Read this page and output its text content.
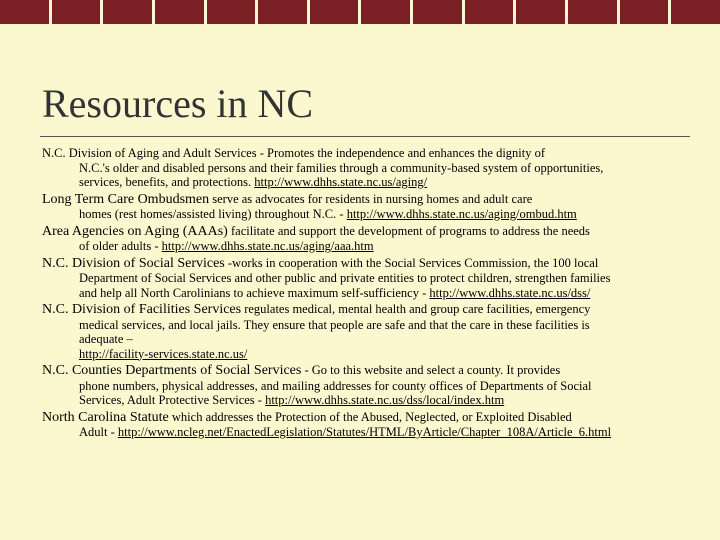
Resources in NC

N.C. Division of Aging and Adult Services - Promotes the independence and enhances the dignity of
N.C.'s older and disabled persons and their families through a community-based system of opportunities,
services, benefits, and protections. http://www.dhhs.state.nc.us/aging/

Long Term Care Ombudsmen serve as advocates for residents in nursing homes and adult care
homes (rest homes/assisted living) throughout N.C. - http://www.dhhs.state.nc.us/aging/ombud.htm

Area Agencies on Aging (AAAs) facilitate and support the development of programs to address the needs
of older adults - http://www.dhhs.state.nc.us/aging/aaa.htm

N.C. Division of Social Services -works in cooperation with the Social Services Commission, the 100 local
Department of Social Services and other public and private entities to protect children, strengthen families
and help all North Carolinians to achieve maximum self-sufficiency - http://www.dhhs.state.nc.us/dss/

N.C. Division of Facilities Services regulates medical, mental health and group care facilities, emergency
medical services, and local jails. They ensure that people are safe and that the care in these facilities is
adequate –
http://facility-services.state.nc.us/

N.C. Counties Departments of Social Services - Go to this website and select a county. It provides
phone numbers, physical addresses, and mailing addresses for county offices of Departments of Social
Services, Adult Protective Services - http://www.dhhs.state.nc.us/dss/local/index.htm

North Carolina Statute which addresses the Protection of the Abused, Neglected, or Exploited Disabled
Adult - http://www.ncleg.net/EnactedLegislation/Statutes/HTML/ByArticle/Chapter_108A/Article_6.html
